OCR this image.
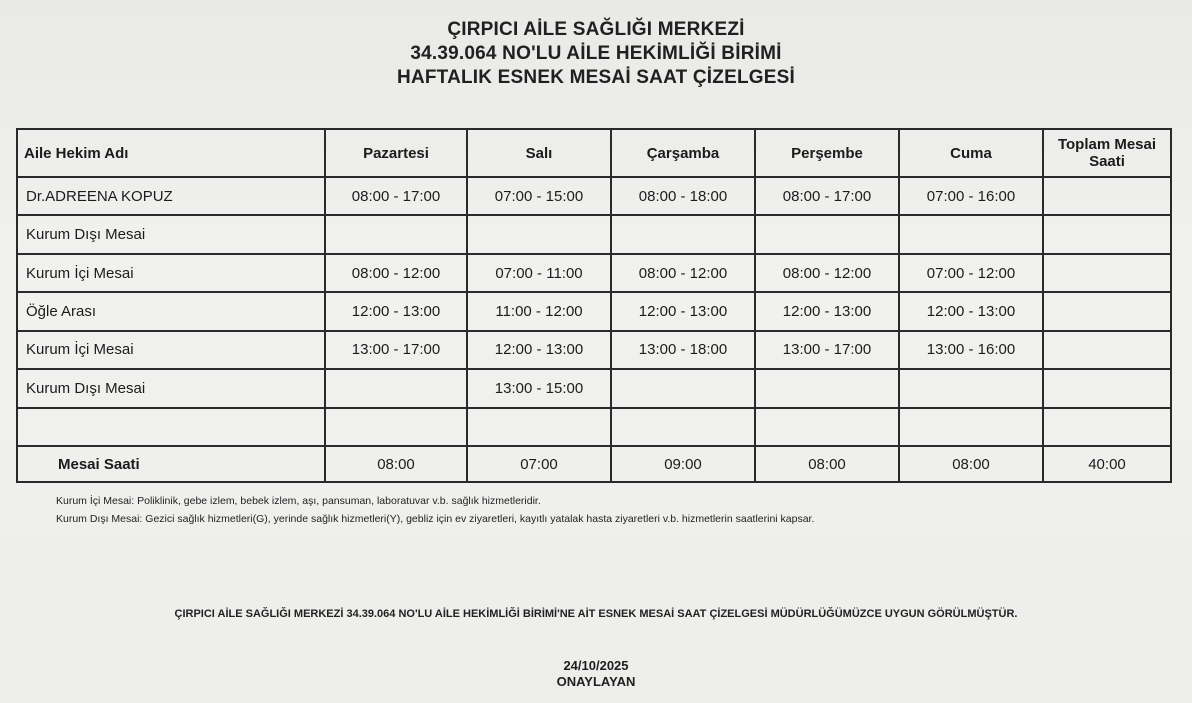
ÇIRPICI AİLE SAĞLIĞI MERKEZİ
34.39.064 NO'LU AİLE HEKİMLİĞİ BİRİMİ
HAFTALIK ESNEK MESAİ SAAT ÇİZELGESİ
Aile Hekim Adı	Pazartesi	Salı	Çarşamba	Perşembe	Cuma	Toplam Mesai Saati
Dr.ADREENA KOPUZ	08:00 - 17:00	07:00 - 15:00	08:00 - 18:00	08:00 - 17:00	07:00 - 16:00	
Kurum Dışı Mesai						
Kurum İçi Mesai	08:00 - 12:00	07:00 - 11:00	08:00 - 12:00	08:00 - 12:00	07:00 - 12:00	
Öğle Arası	12:00 - 13:00	11:00 - 12:00	12:00 - 13:00	12:00 - 13:00	12:00 - 13:00	
Kurum İçi Mesai	13:00 - 17:00	12:00 - 13:00	13:00 - 18:00	13:00 - 17:00	13:00 - 16:00	
Kurum Dışı Mesai		13:00 - 15:00				

Mesai Saati	08:00	07:00	09:00	08:00	08:00	40:00
Kurum İçi Mesai: Poliklinik, gebe izlem, bebek izlem, aşı, pansuman, laboratuvar v.b. sağlık hizmetleridir.
Kurum Dışı Mesai: Gezici sağlık hizmetleri(G), yerinde sağlık hizmetleri(Y), gebliz için ev ziyaretleri, kayıtlı yatalak hasta ziyaretleri v.b. hizmetlerin saatlerini kapsar.
ÇIRPICI AİLE SAĞLIĞI MERKEZİ 34.39.064 NO'LU AİLE HEKİMLİĞİ BİRİMİ'NE AİT ESNEK MESAİ SAAT ÇİZELGESİ MÜDÜRLÜĞÜMÜZCE UYGUN GÖRÜLMÜŞTÜR.
24/10/2025
ONAYLAYAN
